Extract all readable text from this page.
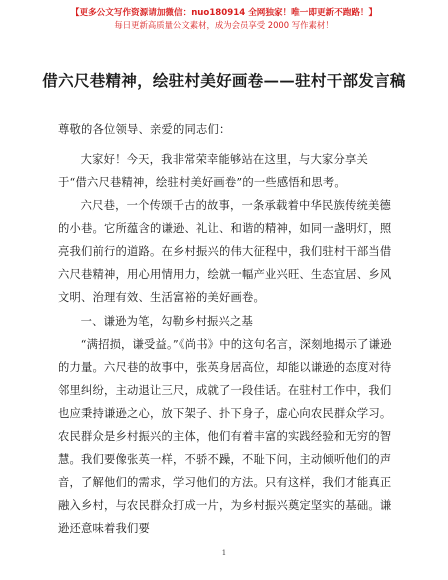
【更多公文写作资源请加微信：nuo180914 全网独家！唯一即更新不跑路！】
每日更新高质量公文素材，成为会员享受 2000 写作素材！
借六尺巷精神，绘驻村美好画卷——驻村干部发言稿
尊敬的各位领导、亲爱的同志们：

大家好！今天，我非常荣幸能够站在这里，与大家分享关于“借六尺巷精神，绘驻村美好画卷”的一些感悟和思考。

六尺巷，一个传颂千古的故事，一条承载着中华民族传统美德的小巷。它所蕴含的谦逊、礼让、和谐的精神，如同一盏明灯，照亮我们前行的道路。在乡村振兴的伟大征程中，我们驻村干部当借六尺巷精神，用心用情用力，绘就一幅产业兴旺、生态宜居、乡风文明、治理有效、生活富裕的美好画卷。

一、谦逊为笔，勾勒乡村振兴之基

“满招损，谦受益。”《尚书》中的这句名言，深刻地揭示了谦逊的力量。六尺巷的故事中，张英身居高位，却能以谦逊的态度对待邻里纠纷，主动退让三尺，成就了一段佳话。在驻村工作中，我们也应秉持谦逊之心，放下架子、扑下身子，虚心向农民群众学习。农民群众是乡村振兴的主体，他们有着丰富的实践经验和无穷的智慧。我们要像张英一样，不骄不躁，不耻下问，主动倾听他们的声音，了解他们的需求，学习他们的方法。只有这样，我们才能真正融入乡村，与农民群众打成一片，为乡村振兴奠定坚实的基础。谦逊还意味着我们要

1
